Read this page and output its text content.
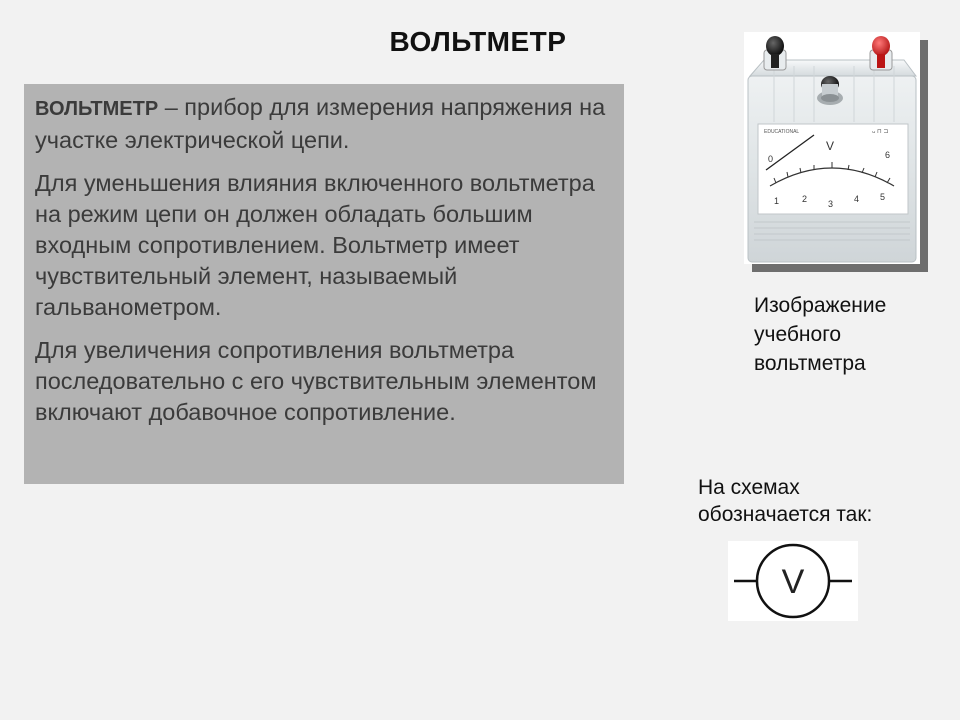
ВОЛЬТМЕТР

ВОЛЬТМЕТР – прибор для измерения напряжения на участке электрической цепи.

Для уменьшения влияния включенного вольтметра на режим цепи он должен обладать большим входным сопротивлением. Вольтметр имеет чувствительный элемент, называемый гальванометром.

Для увеличения сопротивления вольтметра последовательно с его чувствительным элементом включают добавочное сопротивление.

EDUCATIONAL	ᴗ ⊓ ⊐
0
1	2 3 4 5
6
V
Изображение
учебного
вольтметра
На схемах
обозначается так:
V
